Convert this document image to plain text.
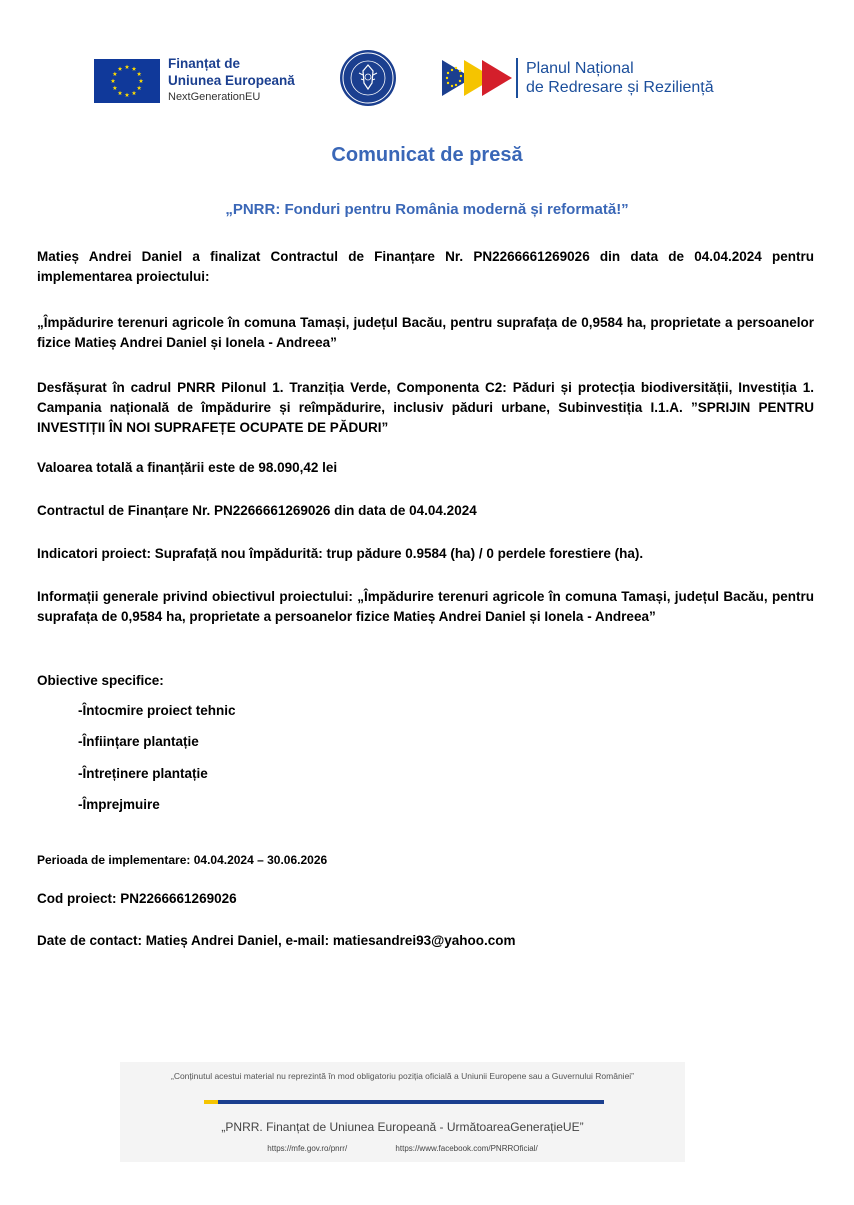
Finanțat de
Uniunea Europeană
NextGenerationEU
Planul Național
de Redresare și Reziliență
Comunicat de presă
„PNRR: Fonduri pentru România modernă și reformată!”
Matieș Andrei Daniel a finalizat Contractul de Finanțare Nr. PN2266661269026 din data de 04.04.2024 pentru implementarea proiectului:
„Împădurire terenuri agricole în comuna Tamași, județul Bacău, pentru suprafața de 0,9584 ha, proprietate a persoanelor fizice Matieș Andrei Daniel și Ionela - Andreea”
Desfășurat în cadrul PNRR Pilonul 1. Tranziția Verde, Componenta C2: Păduri și protecția biodiversității, Investiția 1. Campania națională de împădurire și reîmpădurire, inclusiv păduri urbane, Subinvestiția I.1.A. ”SPRIJIN PENTRU INVESTIȚII ÎN NOI SUPRAFEȚE OCUPATE DE PĂDURI”
Valoarea totală a finanțării este de 98.090,42 lei
Contractul de Finanțare Nr. PN2266661269026 din data de 04.04.2024
Indicatori proiect: Suprafață nou împădurită: trup pădure 0.9584 (ha) / 0 perdele forestiere (ha).
Informații generale privind obiectivul proiectului: „Împădurire terenuri agricole în comuna Tamași, județul Bacău, pentru suprafața de 0,9584 ha, proprietate a persoanelor fizice Matieș Andrei Daniel și Ionela - Andreea”
Obiective specifice:
-Întocmire proiect tehnic
-Înființare plantație
-Întreținere plantație
-Împrejmuire
Perioada de implementare: 04.04.2024 – 30.06.2026
Cod proiect: PN2266661269026
Date de contact: Matieș Andrei Daniel, e-mail: matiesandrei93@yahoo.com
„Conținutul acestui material nu reprezintă în mod obligatoriu poziția oficială a Uniunii Europene sau a Guvernului României”
„PNRR. Finanțat de Uniunea Europeană - UrmătoareaGenerațieUE”
https://mfe.gov.ro/pnrr/	https://www.facebook.com/PNRROficial/
